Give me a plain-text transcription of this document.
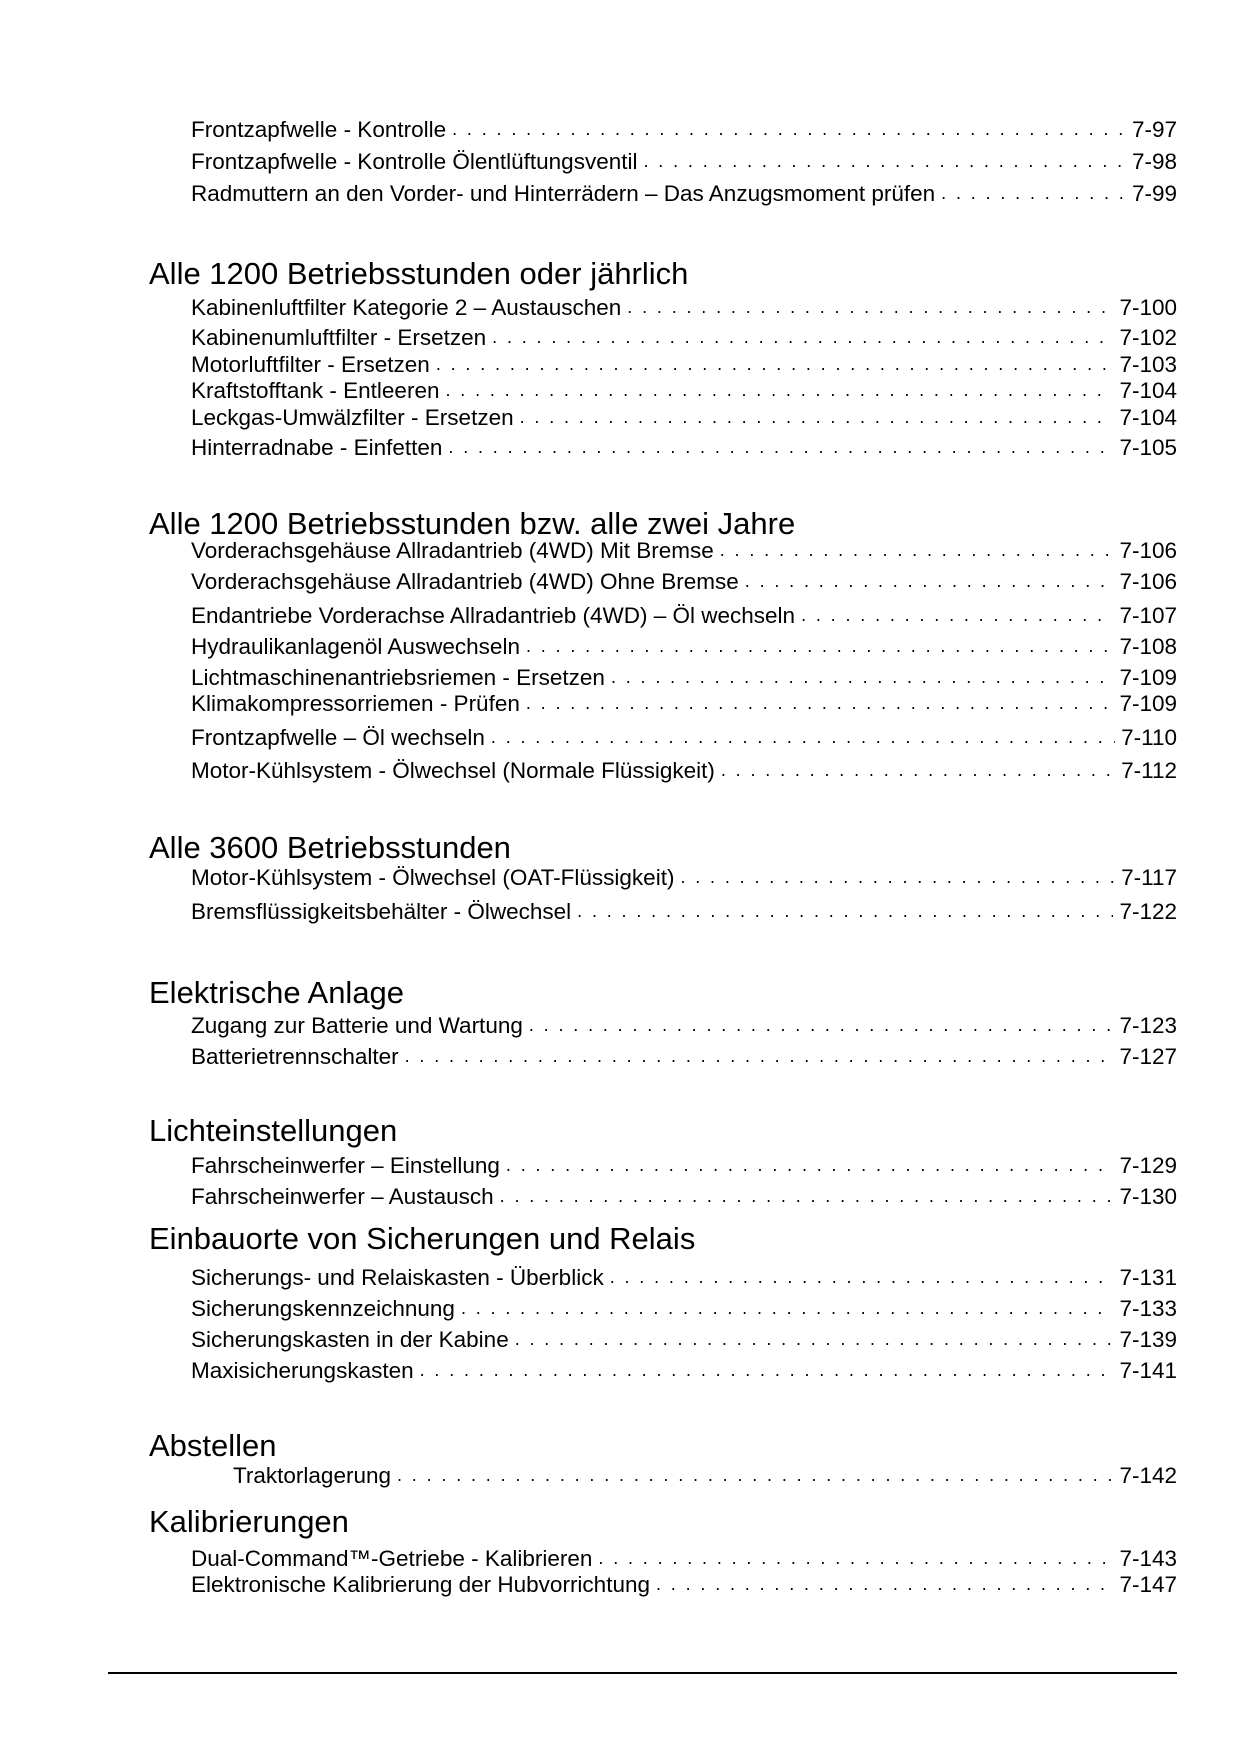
Frontzapfwelle - Kontrolle . . .	7-97
Frontzapfwelle - Kontrolle Ölentlüftungsventil . . .	7-98
Radmuttern an den Vorder- und Hinterrädern – Das Anzugsmoment prüfen . . .	7-99
Alle 1200 Betriebsstunden oder jährlich
Kabinenluftfilter Kategorie 2 – Austauschen . . .	7-100
Kabinenumluftfilter - Ersetzen . . .	7-102
Motorluftfilter - Ersetzen . . .	7-103
Kraftstofftank - Entleeren . . .	7-104
Leckgas-Umwälzfilter - Ersetzen . . .	7-104
Hinterradnabe - Einfetten . . .	7-105
Alle 1200 Betriebsstunden bzw. alle zwei Jahre
Vorderachsgehäuse Allradantrieb (4WD) Mit Bremse . . .	7-106
Vorderachsgehäuse Allradantrieb (4WD) Ohne Bremse . . .	7-106
Endantriebe Vorderachse Allradantrieb (4WD) – Öl wechseln . . .	7-107
Hydraulikanlagenöl Auswechseln . . .	7-108
Lichtmaschinenantriebsriemen - Ersetzen . . .	7-109
Klimakompressorriemen - Prüfen . . .	7-109
Frontzapfwelle – Öl wechseln . . .	7-110
Motor-Kühlsystem - Ölwechsel (Normale Flüssigkeit) . . .	7-112
Alle 3600 Betriebsstunden
Motor-Kühlsystem - Ölwechsel (OAT-Flüssigkeit) . . .	7-117
Bremsflüssigkeitsbehälter - Ölwechsel . . .	7-122
Elektrische Anlage
Zugang zur Batterie und Wartung . . .	7-123
Batterietrennschalter . . .	7-127
Lichteinstellungen
Fahrscheinwerfer – Einstellung . . .	7-129
Fahrscheinwerfer – Austausch . . .	7-130
Einbauorte von Sicherungen und Relais
Sicherungs- und Relaiskasten - Überblick . . .	7-131
Sicherungskennzeichnung . . .	7-133
Sicherungskasten in der Kabine . . .	7-139
Maxisicherungskasten . . .	7-141
Abstellen
Traktorlagerung . . .	7-142
Kalibrierungen
Dual-Command™-Getriebe - Kalibrieren . . .	7-143
Elektronische Kalibrierung der Hubvorrichtung . . .	7-147
